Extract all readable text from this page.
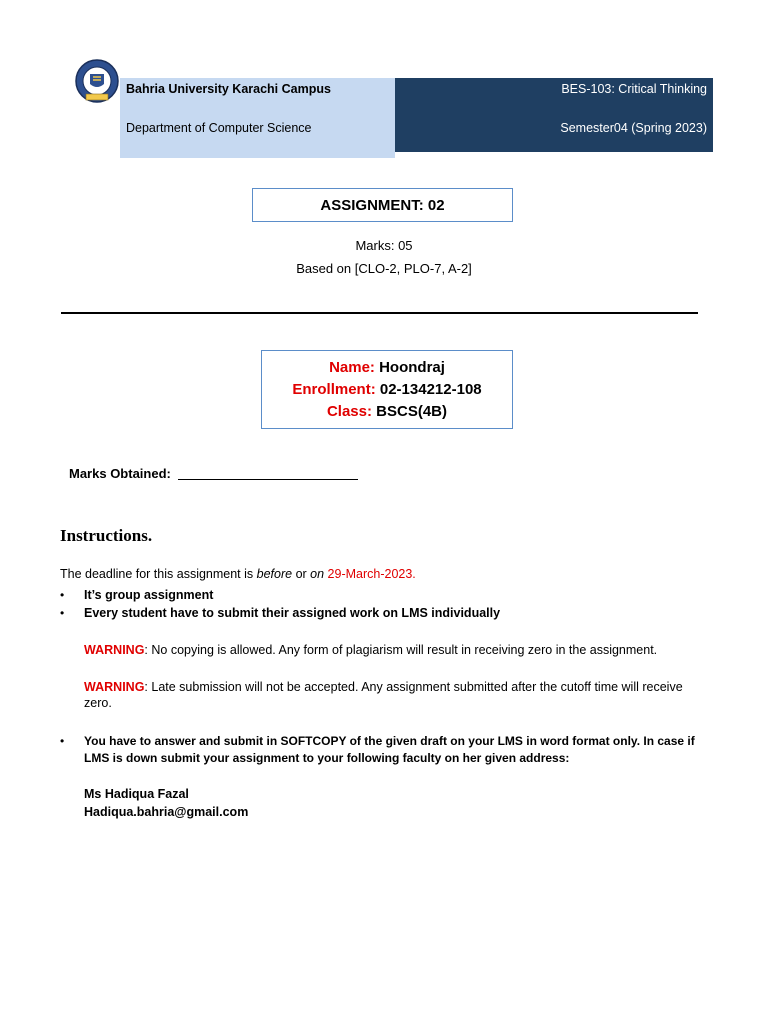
Bahria University Karachi Campus
Department of Computer Science
BES-103: Critical Thinking
Semester04 (Spring 2023)
ASSIGNMENT: 02
Marks: 05
Based on [CLO-2, PLO-7, A-2]
Name: Hoondraj
Enrollment: 02-134212-108
Class: BSCS(4B)
Marks Obtained:
Instructions.
The deadline for this assignment is before or on 29-March-2023.
• It’s group assignment
• Every student have to submit their assigned work on LMS individually
WARNING: No copying is allowed. Any form of plagiarism will result in receiving zero in the assignment.
WARNING: Late submission will not be accepted. Any assignment submitted after the cutoff time will receive
zero.
• You have to answer and submit in SOFTCOPY of the given draft on your LMS in word format only. In case if
LMS is down submit your assignment to your following faculty on her given address:
Ms Hadiqua Fazal
Hadiqua.bahria@gmail.com
